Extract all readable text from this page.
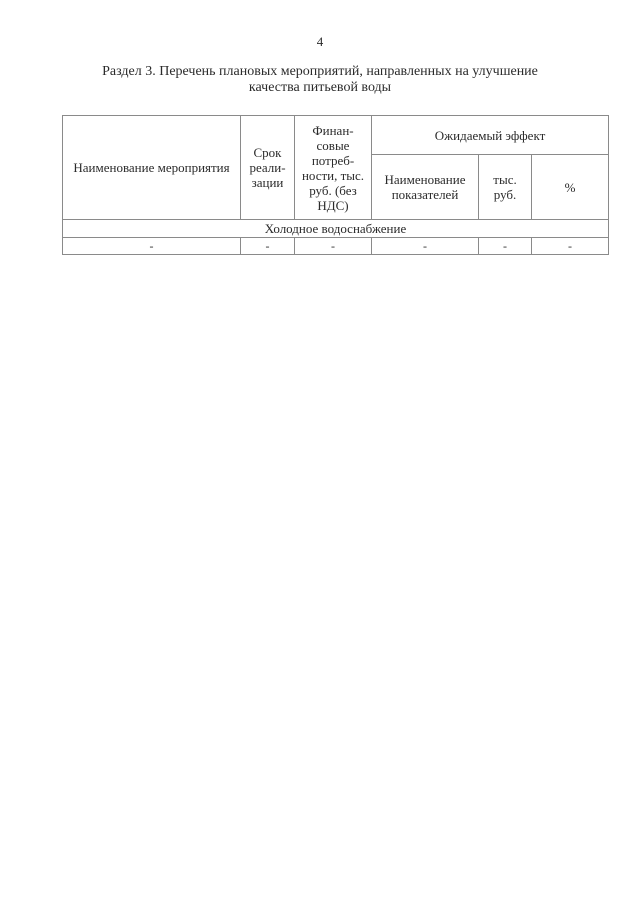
4
Раздел 3. Перечень плановых мероприятий, направленных на улучшение
качества питьевой воды
Наименование мероприятия	Срок реали-зации	Финан-совые потреб-ности, тыс. руб. (без НДС)	Ожидаемый эффект		
			Наименование показателей	тыс. руб.	%
Холодное водоснабжение					
-	-	-	-	-	-
